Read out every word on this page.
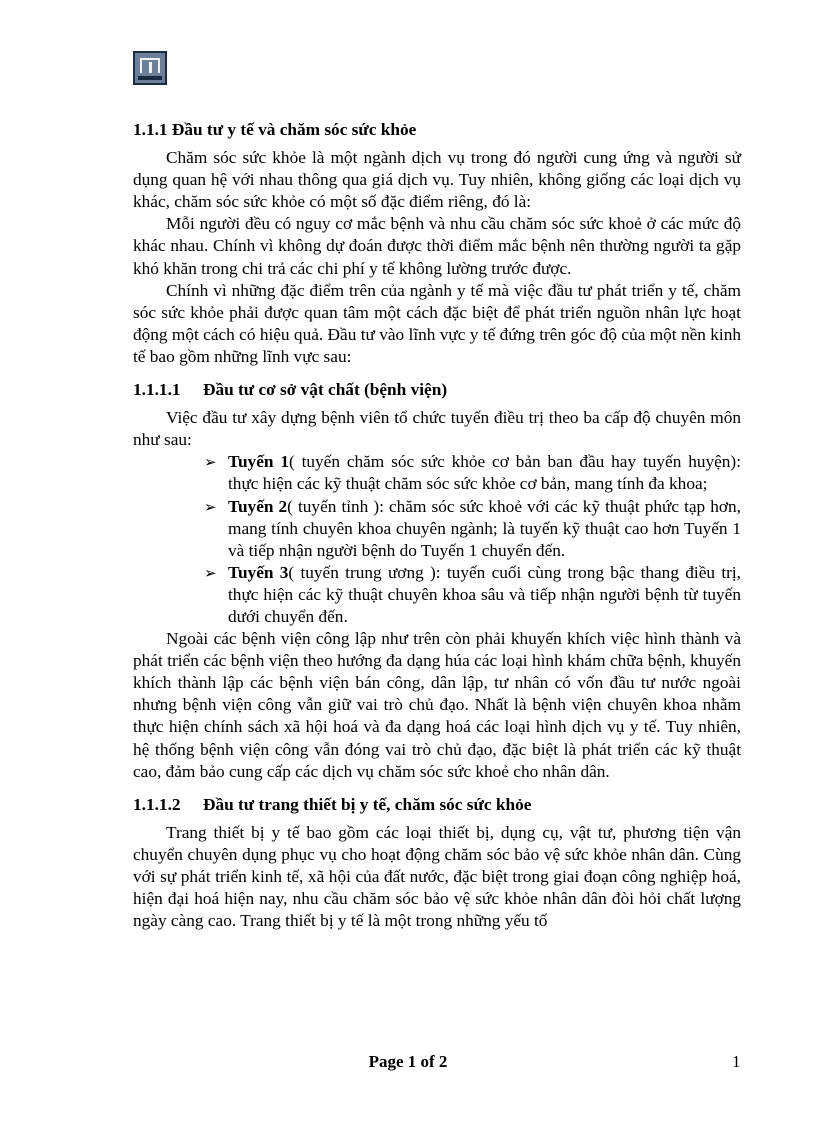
1.1.1 Đầu tư y tế và chăm sóc sức khỏe

Chăm sóc sức khỏe là một ngành dịch vụ trong đó người cung ứng và người sử dụng quan hệ với nhau thông qua giá dịch vụ. Tuy nhiên, không giống các loại dịch vụ khác, chăm sóc sức khỏe có một số đặc điểm riêng, đó là:

Mỗi người đều có nguy cơ mắc bệnh và nhu cầu chăm sóc sức khoẻ ở các mức độ khác nhau. Chính vì không dự đoán được thời điểm mắc bệnh nên thường người ta gặp khó khăn trong chi trả các chi phí y tế không lường trước được.

Chính vì những đặc điểm trên của ngành y tế mà việc đầu tư phát triển y tế, chăm sóc sức khỏe phải được quan tâm một cách đặc biệt để phát triển nguồn nhân lực hoạt động một cách có hiệu quả. Đầu tư vào lĩnh vực y tế đứng trên góc độ của một nền kinh tế bao gồm những lĩnh vực sau:

1.1.1.1 Đầu tư cơ sở vật chất (bệnh viện)

Việc đầu tư xây dựng bệnh viên tổ chức tuyến điều trị theo ba cấp độ chuyên môn như sau:

➢ Tuyến 1( tuyến chăm sóc sức khỏe cơ bản ban đầu hay tuyến huyện): thực hiện các kỹ thuật chăm sóc sức khỏe cơ bản, mang tính đa khoa;
➢ Tuyến 2( tuyến tỉnh ): chăm sóc sức khoẻ với các kỹ thuật phức tạp hơn, mang tính chuyên khoa chuyên ngành; là tuyến kỹ thuật cao hơn Tuyến 1 và tiếp nhận người bệnh do Tuyến 1 chuyển đến.
➢ Tuyến 3( tuyến trung ương ): tuyến cuối cùng trong bậc thang điều trị, thực hiện các kỹ thuật chuyên khoa sâu và tiếp nhận người bệnh từ tuyến dưới chuyển đến.

Ngoài các bệnh viện công lập như trên còn phải khuyến khích việc hình thành và phát triển các bệnh viện theo hướng đa dạng húa các loại hình khám chữa bệnh, khuyến khích thành lập các bệnh viện bán công, dân lập, tư nhân có vốn đầu tư nước ngoài nhưng bệnh viện công vẫn giữ vai trò chủ đạo. Nhất là bệnh viện chuyên khoa nhằm thực hiện chính sách xã hội hoá và đa dạng hoá các loại hình dịch vụ y tế. Tuy nhiên, hệ thống bệnh viện công vẫn đóng vai trò chủ đạo, đặc biệt là phát triển các kỹ thuật cao, đảm bảo cung cấp các dịch vụ chăm sóc sức khoẻ cho nhân dân.

1.1.1.2 Đầu tư trang thiết bị y tế, chăm sóc sức khỏe

Trang thiết bị y tế bao gồm các loại thiết bị, dụng cụ, vật tư, phương tiện vận chuyển chuyên dụng phục vụ cho hoạt động chăm sóc bảo vệ sức khỏe nhân dân. Cùng với sự phát triển kinh tế, xã hội của đất nước, đặc biệt trong giai đoạn công nghiệp hoá, hiện đại hoá hiện nay, nhu cầu chăm sóc bảo vệ sức khỏe nhân dân đòi hỏi chất lượng ngày càng cao. Trang thiết bị y tế là một trong những yếu tố

Page 1 of 2	1
